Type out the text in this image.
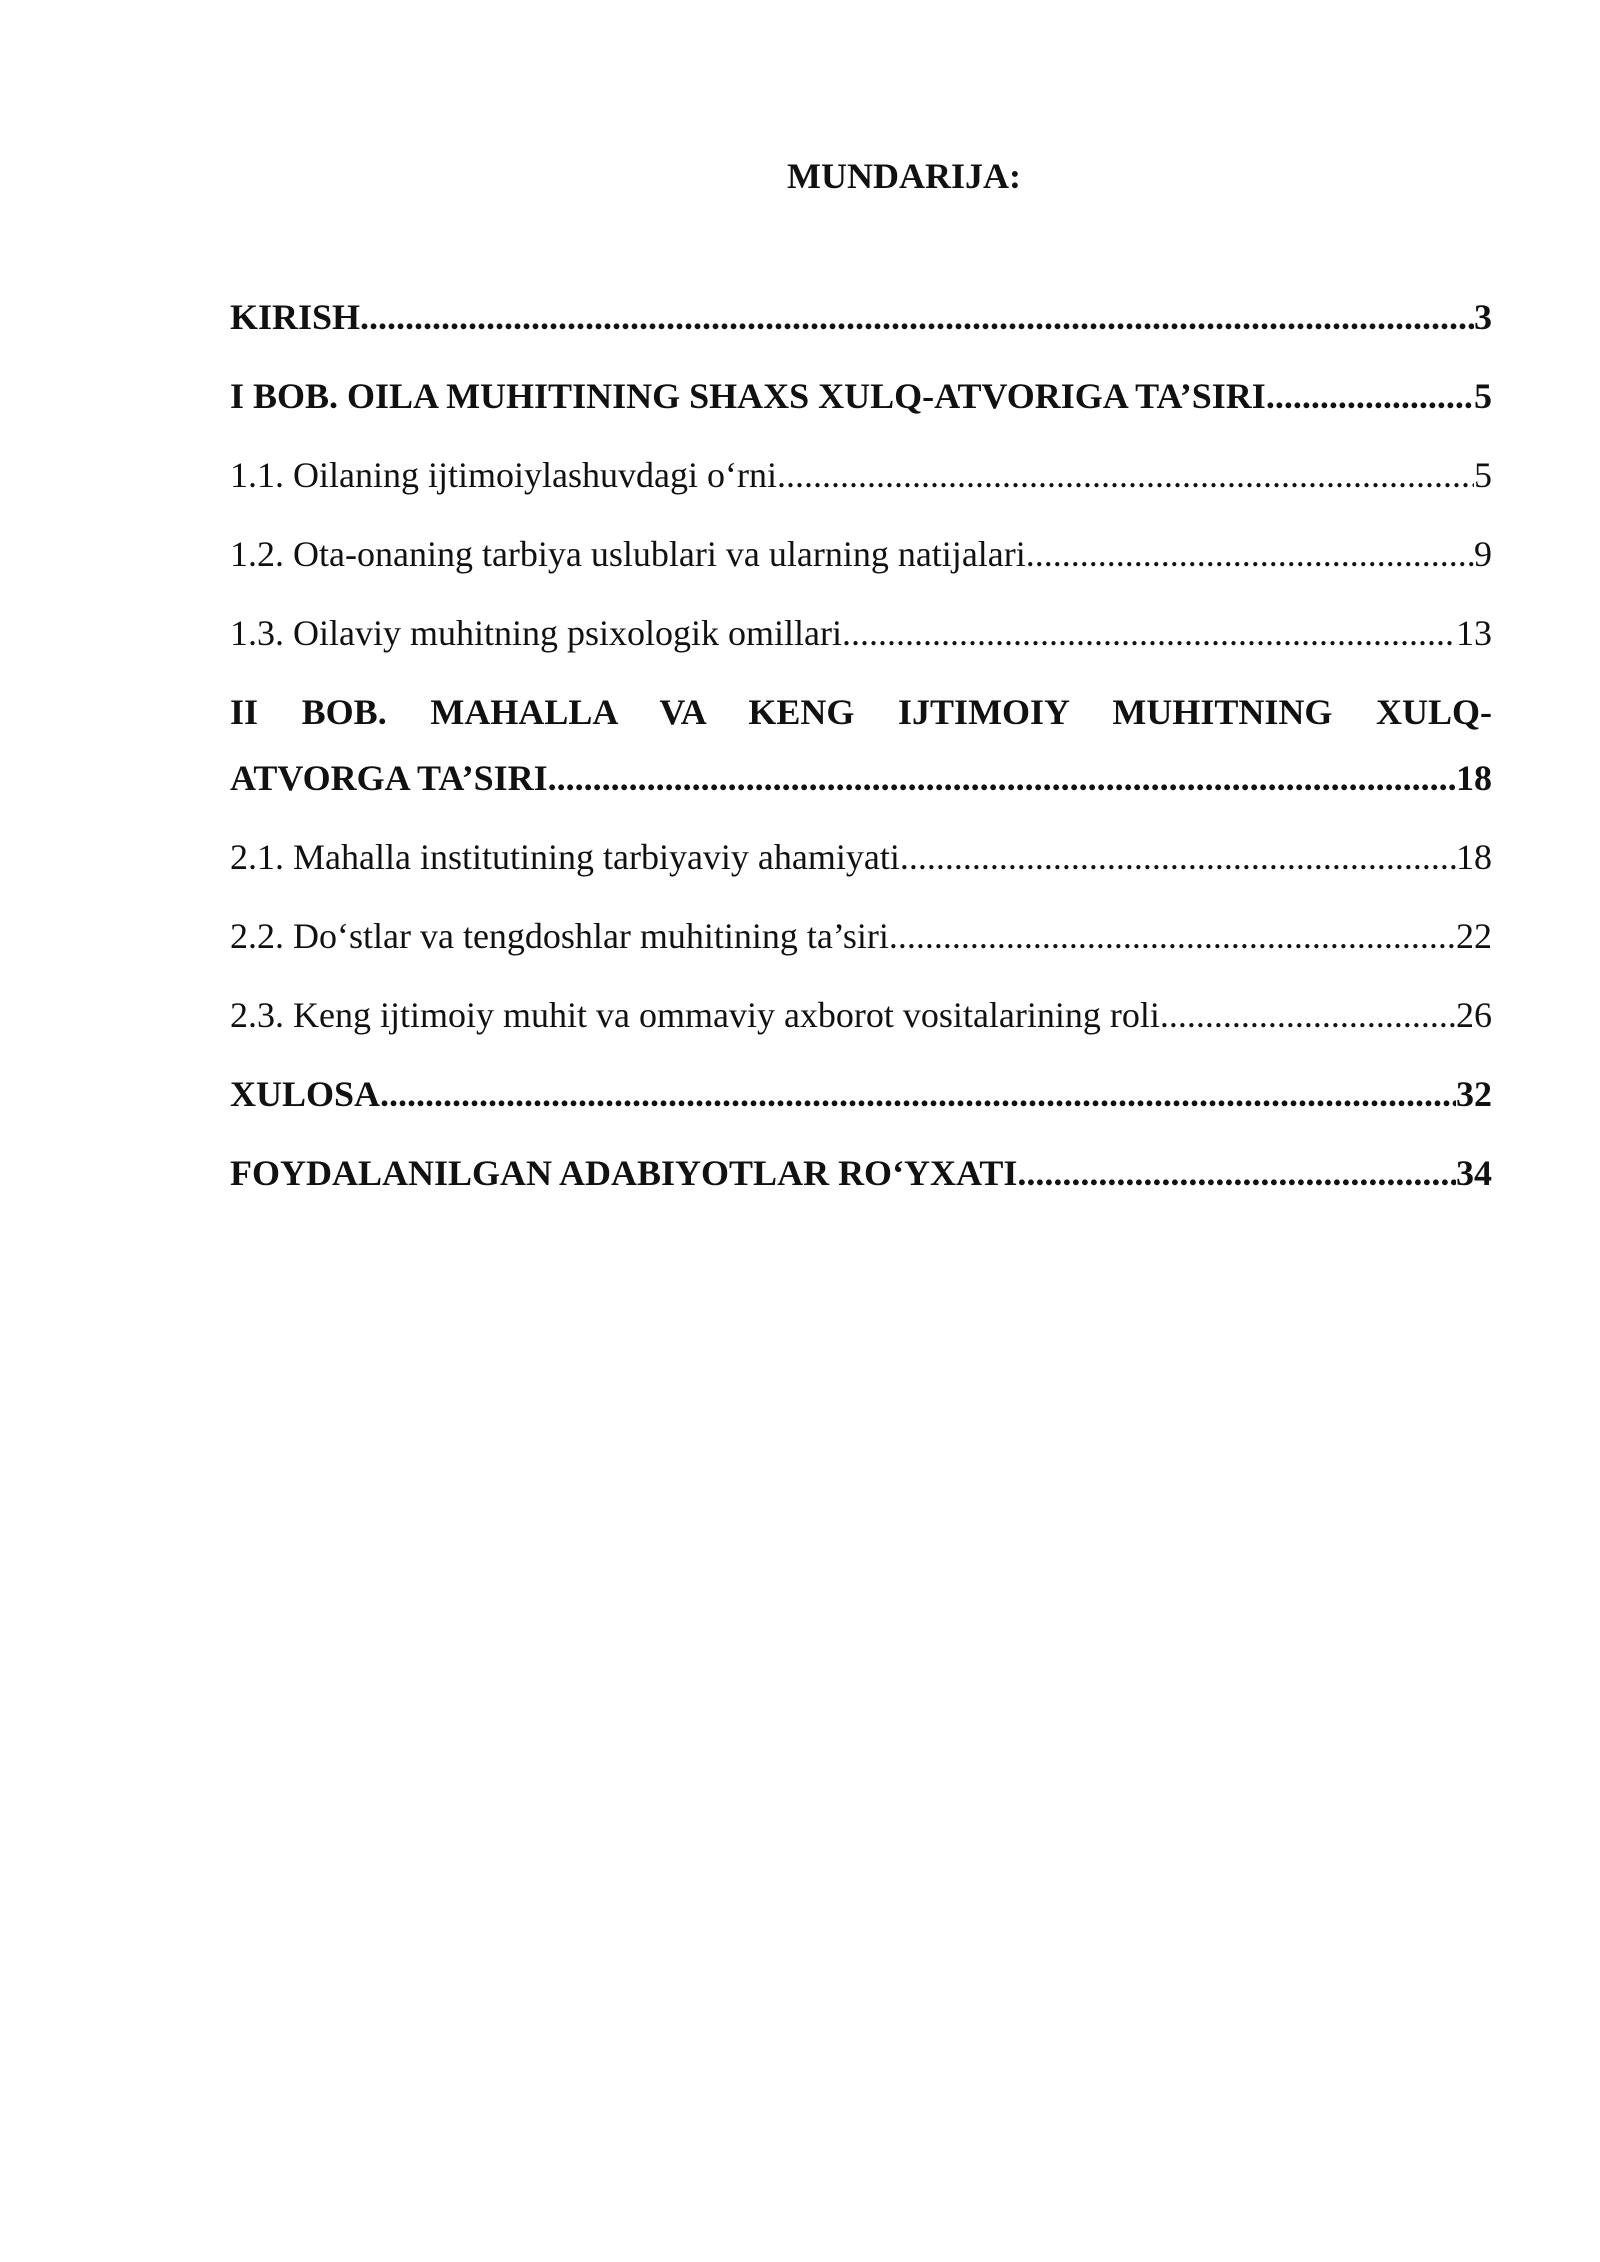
MUNDARIJA:
KIRISH .....	3
I BOB. OILA MUHITINING SHAXS XULQ-ATVORIGA TA’SIRI .....	5
1.1. Oilaning ijtimoiylashuvdagi o‘rni .....	5
1.2. Ota-onaning tarbiya uslublari va ularning natijalari .....	9
1.3. Oilaviy muhitning psixologik omillari .....	13
II BOB. MAHALLA VA KENG IJTIMOIY MUHITNING XULQ-
ATVORGA TA’SIRI .....	18
2.1. Mahalla institutining tarbiyaviy ahamiyati .....	18
2.2. Do‘stlar va tengdoshlar muhitining ta’siri .....	22
2.3. Keng ijtimoiy muhit va ommaviy axborot vositalarining roli .....	26
XULOSA .....	32
FOYDALANILGAN ADABIYOTLAR RO‘YXATI .....	34
